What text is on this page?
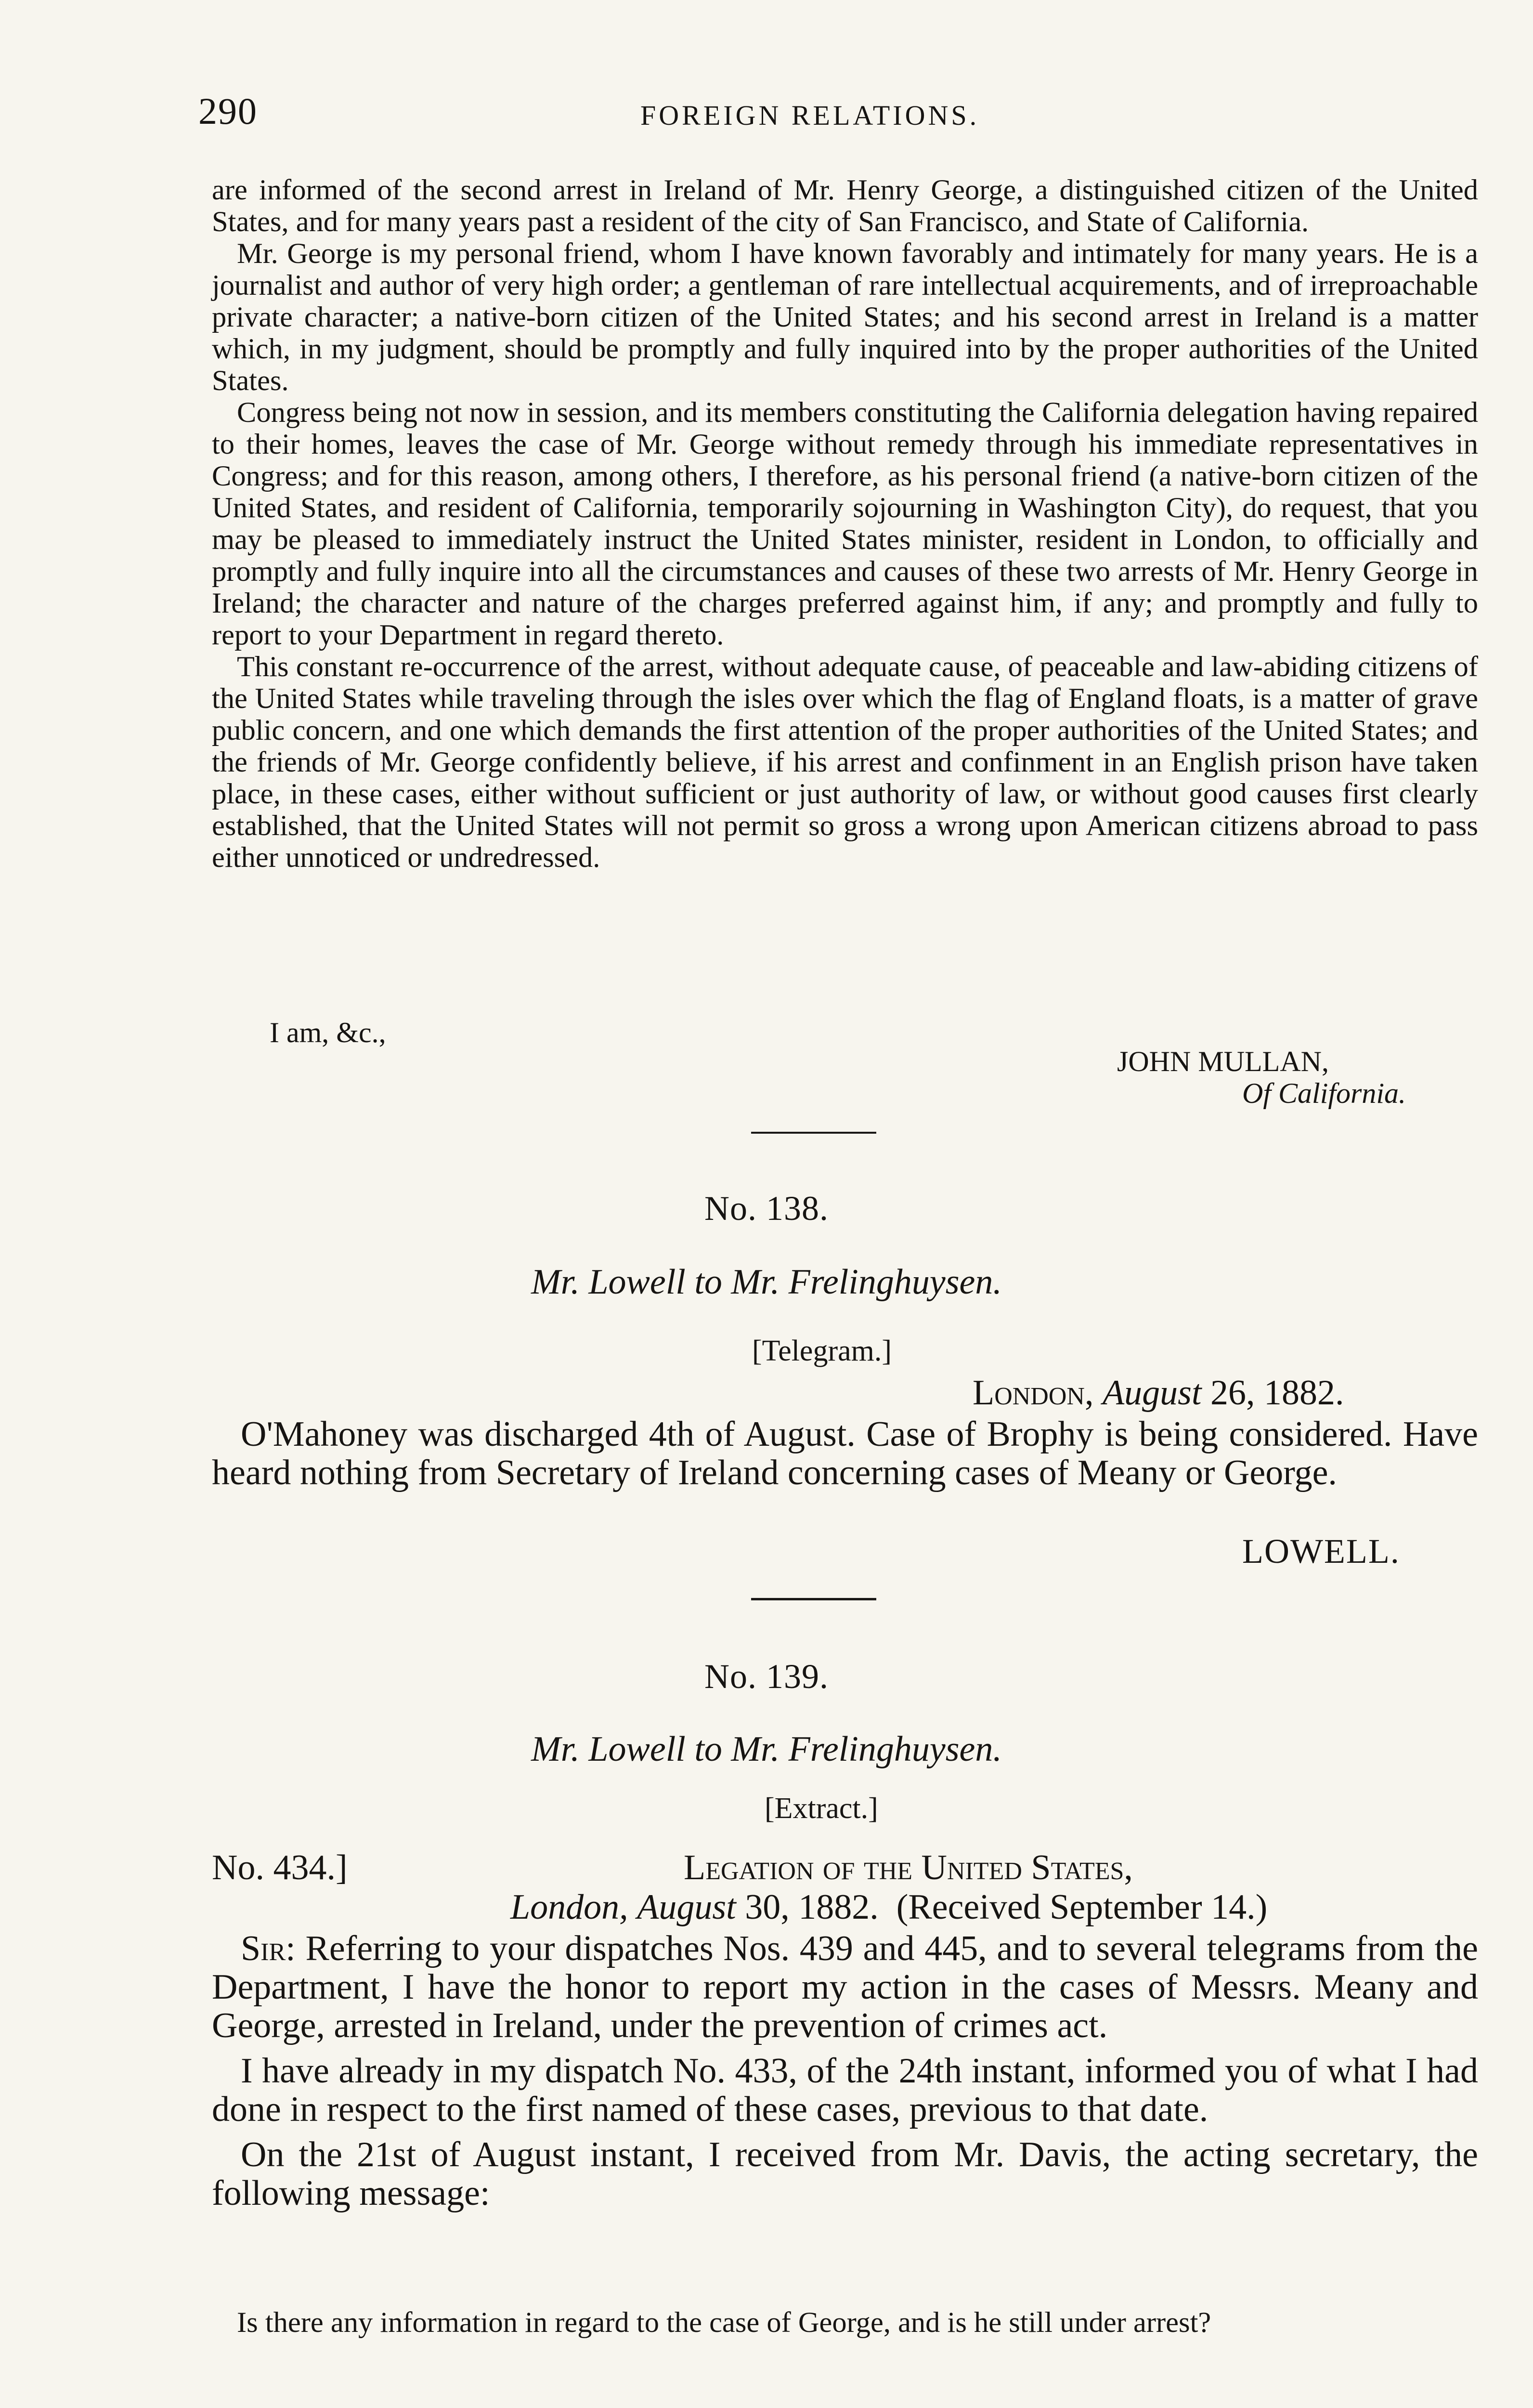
290	FOREIGN RELATIONS.

are informed of the second arrest in Ireland of Mr. Henry George, a distinguished citizen of the United States, and for many years past a resident of the city of San Francisco, and State of California.

Mr. George is my personal friend, whom I have known favorably and intimately for many years. He is a journalist and author of very high order; a gentleman of rare intellectual acquirements, and of irreproachable private character; a native-born citizen of the United States; and his second arrest in Ireland is a matter which, in my judgment, should be promptly and fully inquired into by the proper authorities of the United States.

Congress being not now in session, and its members constituting the California delegation having repaired to their homes, leaves the case of Mr. George without remedy through his immediate representatives in Congress; and for this reason, among others, I therefore, as his personal friend (a native-born citizen of the United States, and resident of California, temporarily sojourning in Washington City), do request, that you may be pleased to immediately instruct the United States minister, resident in London, to officially and promptly and fully inquire into all the circumstances and causes of these two arrests of Mr. Henry George in Ireland; the character and nature of the charges preferred against him, if any; and promptly and fully to report to your Department in regard thereto.

This constant re-occurrence of the arrest, without adequate cause, of peaceable and law-abiding citizens of the United States while traveling through the isles over which the flag of England floats, is a matter of grave public concern, and one which demands the first attention of the proper authorities of the United States; and the friends of Mr. George confidently believe, if his arrest and confinment in an English prison have taken place, in these cases, either without sufficient or just authority of law, or without good causes first clearly established, that the United States will not permit so gross a wrong upon American citizens abroad to pass either unnoticed or undredressed.

I am, &c.,
JOHN MULLAN,
Of California.
No. 138.
Mr. Lowell to Mr. Frelinghuysen.
[Telegram.]
London, August 26, 1882.

O'Mahoney was discharged 4th of August. Case of Brophy is being considered. Have heard nothing from Secretary of Ireland concerning cases of Meany or George.

LOWELL.
No. 139.
Mr. Lowell to Mr. Frelinghuysen.
[Extract.]
No. 434.]	Legation of the United States,
London, August 30, 1882. (Received September 14.)

Sir: Referring to your dispatches Nos. 439 and 445, and to several telegrams from the Department, I have the honor to report my action in the cases of Messrs. Meany and George, arrested in Ireland, under the prevention of crimes act.

I have already in my dispatch No. 433, of the 24th instant, informed you of what I had done in respect to the first named of these cases, previous to that date.

On the 21st of August instant, I received from Mr. Davis, the acting secretary, the following message:

Is there any information in regard to the case of George, and is he still under arrest?
